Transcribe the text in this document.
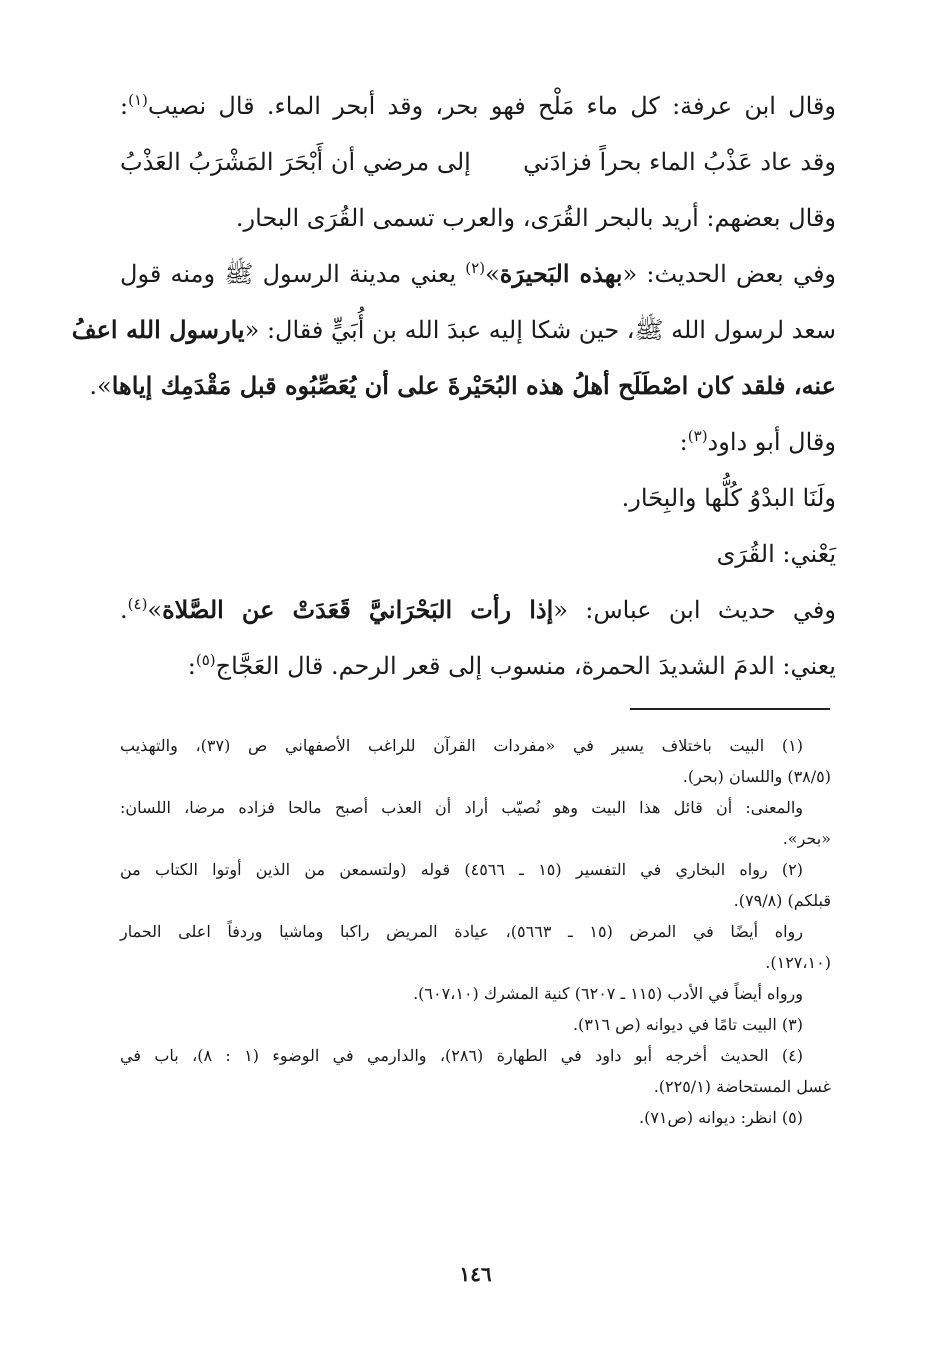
وقال ابن عرفة: كل ماء مَلْح فهو بحر، وقد أبحر الماء. قال نصيب$^{(١)}$:
وقد عاد عَذْبُ الماء بحراً فزادَني
إلى مرضي أن أَبْحَرَ المَشْرَبُ العَذْبُ
وقال بعضهم: أريد بالبحر القُرَى، والعرب تسمى القُرَى البحار.
وفي بعض الحديث: «بهذه البَحيرَة»$^{(٢)}$ يعني مدينة الرسول ﷺ ومنه قول
سعد لرسول الله ﷺ، حين شكا إليه عبدَ الله بن أُبَيٍّ فقال: «يارسول الله اعفُ
عنه، فلقد كان اصْطَلَح أهلُ هذه البُحَيْرةَ على أن يُعَصِّبُوه قبل مَقْدَمِك إياها».
وقال أبو داود$^{(٣)}$:
ولَنَا البدْوُ كُلُّها والبِحَار.
يَعْني: القُرَى
وفي حديث ابن عباس: «إذا رأت البَحْرَانيَّ قَعَدَتْ عن الصَّلاة»$^{(٤)}$.
يعني: الدمَ الشديدَ الحمرة، منسوب إلى قعر الرحم. قال العَجَّاج$^{(٥)}$:
(١) البيت باختلاف يسير في «مفردات القرآن للراغب الأصفهاني ص (٣٧)، والتهذيب
(٣٨/٥) واللسان (بحر).
والمعنى: أن قائل هذا البيت وهو نُصيّب أراد أن العذب أصبح مالحا فزاده مرضا، اللسان:
«بحر».
(٢) رواه البخاري في التفسير (١٥ ـ ٤٥٦٦) قوله (ولتسمعن من الذين أوتوا الكتاب من
قبلكم) (٧٩/٨).
رواه أيضًا في المرض (١٥ ـ ٥٦٦٣)، عيادة المريض راكبا وماشيا وردفاً اعلى الحمار
(١٢٧،١٠).
ورواه أيضاً في الأدب (١١٥ ـ ٦٢٠٧) كنية المشرك (٦٠٧،١٠).
(٣) البيت تامًا في ديوانه (ص ٣١٦).
(٤) الحديث أخرجه أبو داود في الطهارة (٢٨٦)، والدارمي في الوضوء (١ : ٨)، باب في
غسل المستحاضة (٢٢٥/١).
(٥) انظر: ديوانه (ص٧١).
١٤٦
